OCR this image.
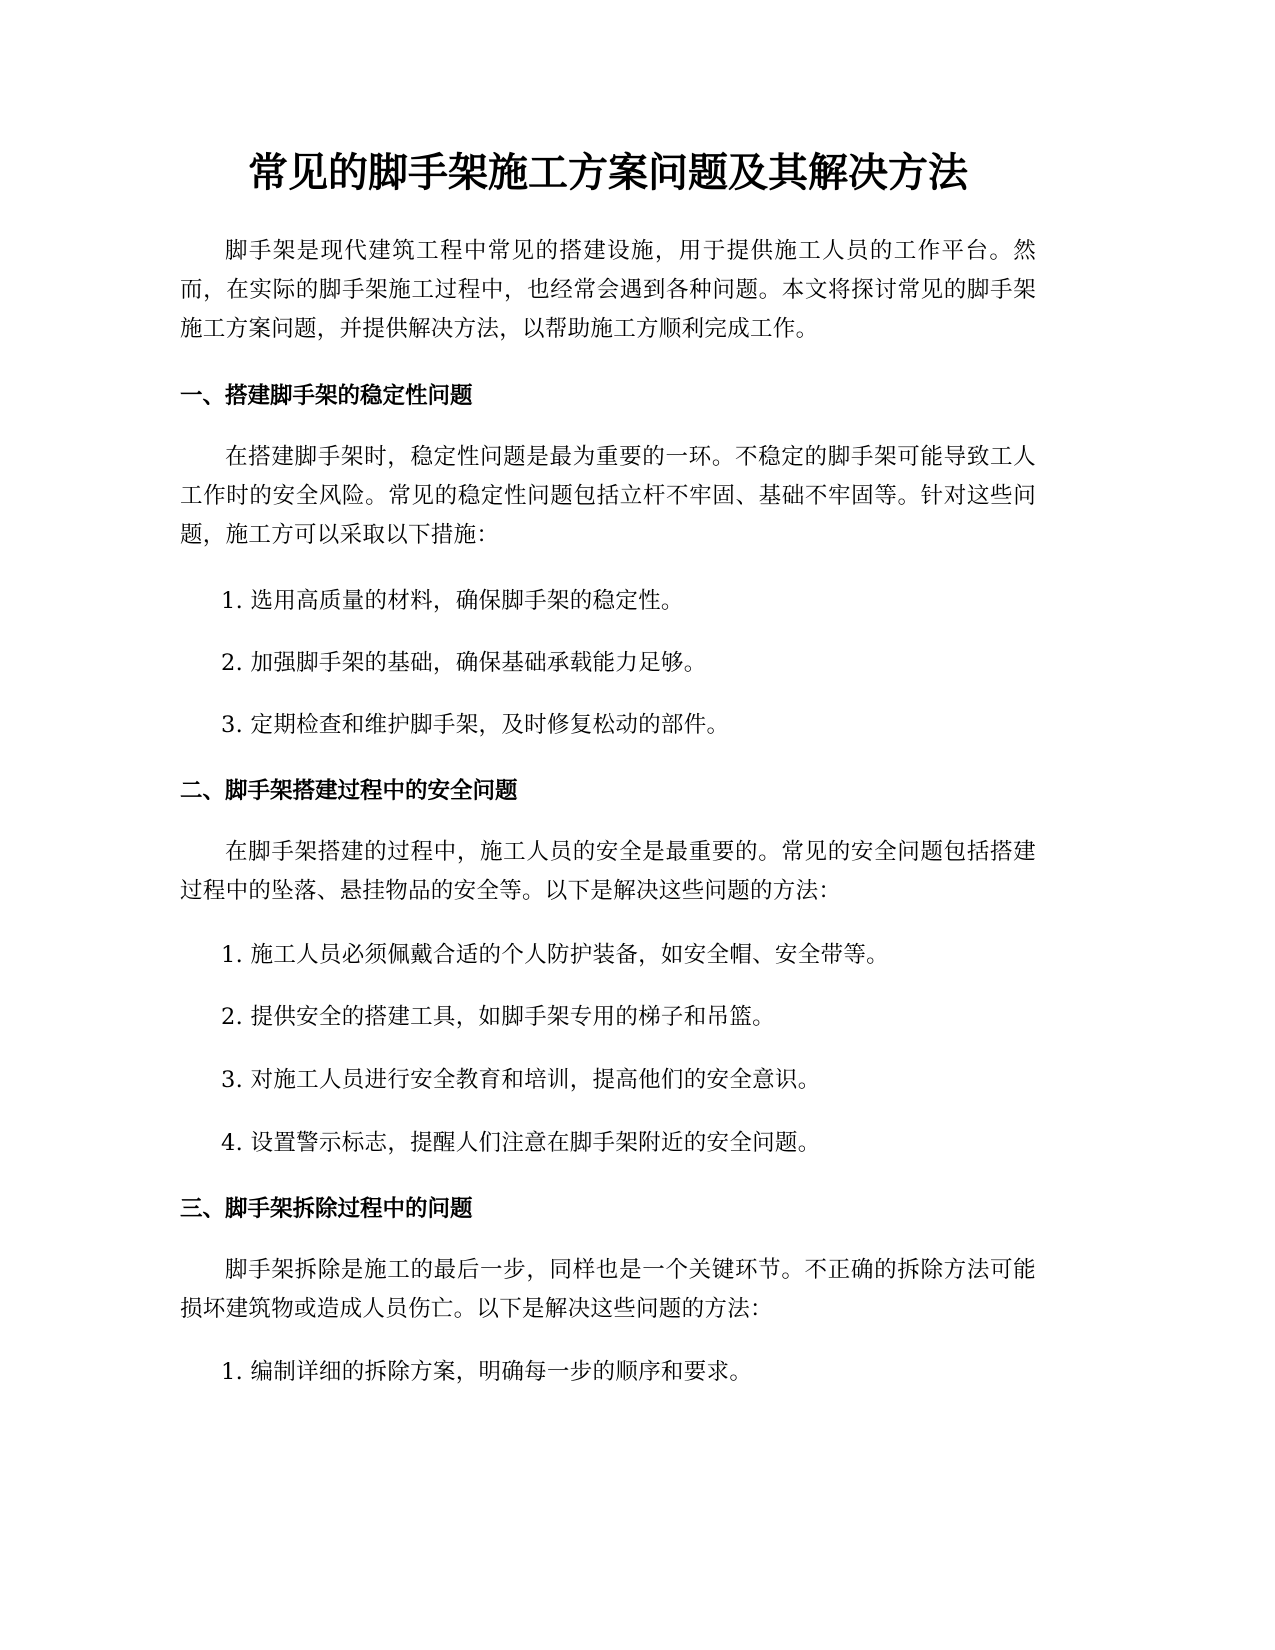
常见的脚手架施工方案问题及其解决方法

脚手架是现代建筑工程中常见的搭建设施，用于提供施工人员的工作平台。然而，在实际的脚手架施工过程中，也经常会遇到各种问题。本文将探讨常见的脚手架施工方案问题，并提供解决方法，以帮助施工方顺利完成工作。

一、搭建脚手架的稳定性问题

在搭建脚手架时，稳定性问题是最为重要的一环。不稳定的脚手架可能导致工人工作时的安全风险。常见的稳定性问题包括立杆不牢固、基础不牢固等。针对这些问题，施工方可以采取以下措施：

1. 选用高质量的材料，确保脚手架的稳定性。

2. 加强脚手架的基础，确保基础承载能力足够。

3. 定期检查和维护脚手架，及时修复松动的部件。

二、脚手架搭建过程中的安全问题

在脚手架搭建的过程中，施工人员的安全是最重要的。常见的安全问题包括搭建过程中的坠落、悬挂物品的安全等。以下是解决这些问题的方法：

1. 施工人员必须佩戴合适的个人防护装备，如安全帽、安全带等。

2. 提供安全的搭建工具，如脚手架专用的梯子和吊篮。

3. 对施工人员进行安全教育和培训，提高他们的安全意识。

4. 设置警示标志，提醒人们注意在脚手架附近的安全问题。

三、脚手架拆除过程中的问题

脚手架拆除是施工的最后一步，同样也是一个关键环节。不正确的拆除方法可能损坏建筑物或造成人员伤亡。以下是解决这些问题的方法：

1. 编制详细的拆除方案，明确每一步的顺序和要求。
